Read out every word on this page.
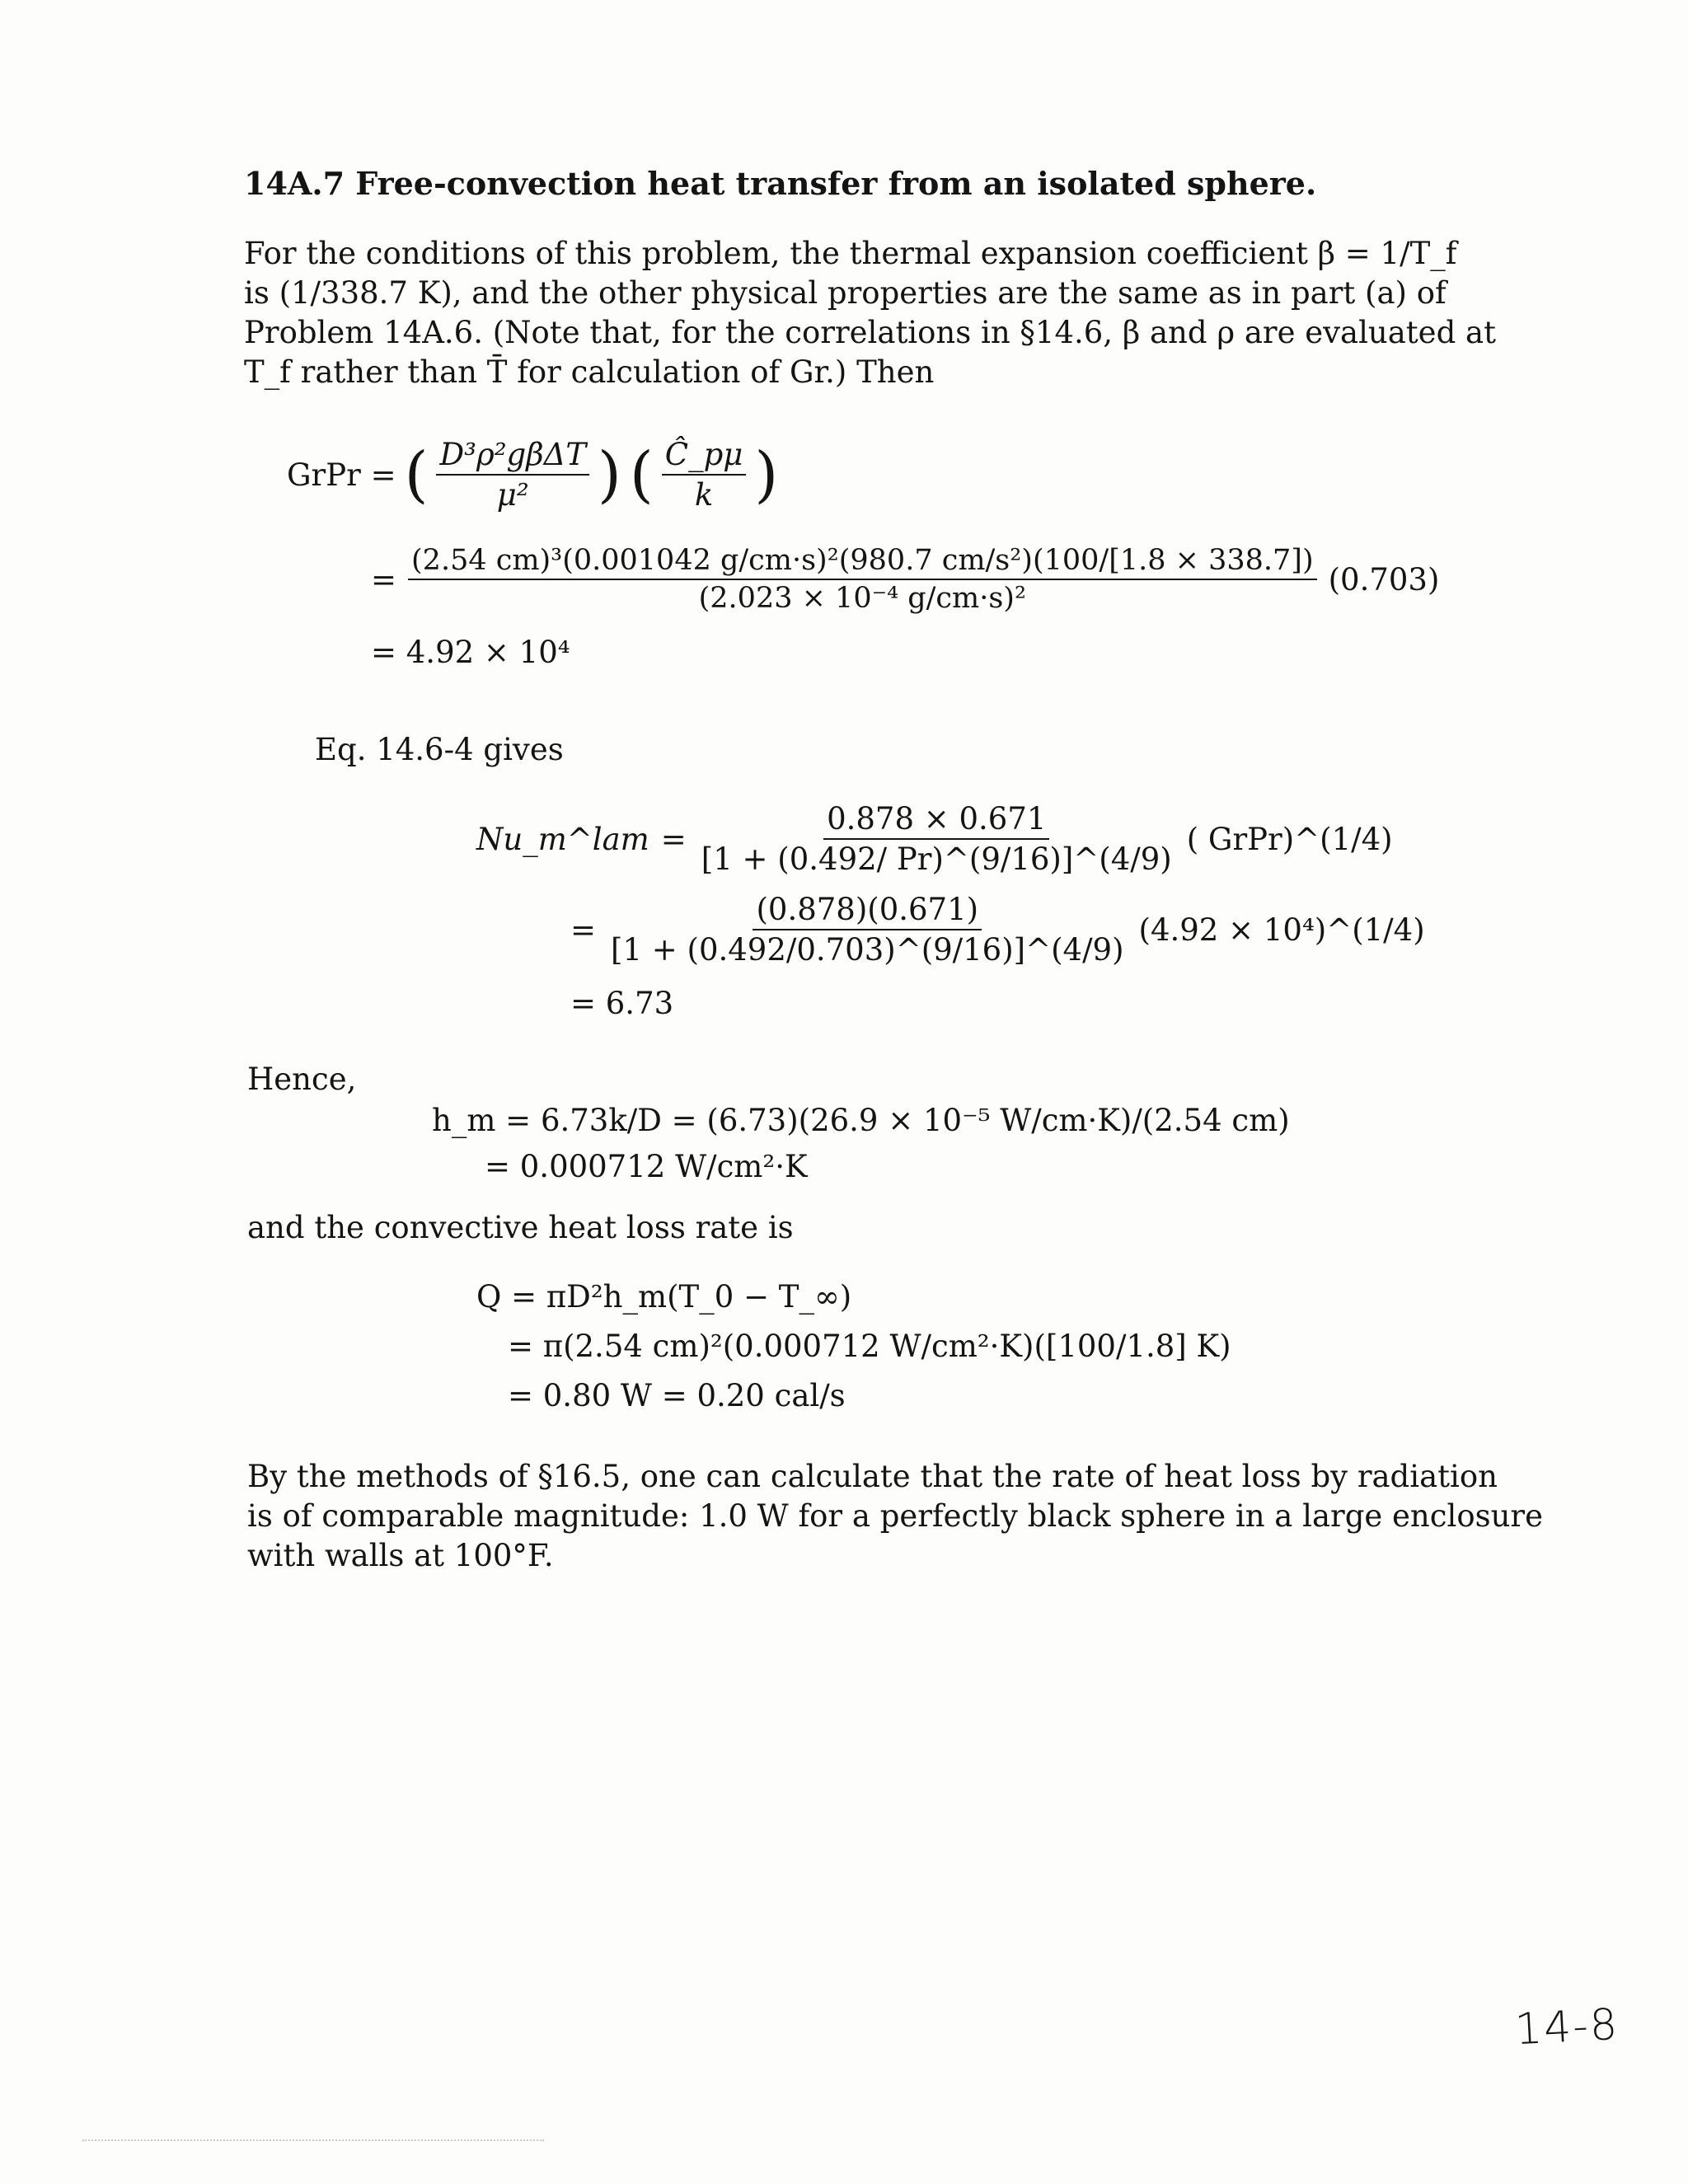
14A.7 Free-convection heat transfer from an isolated sphere.
For the conditions of this problem, the thermal expansion coefficient β = 1/T_f
is (1/338.7 K), and the other physical properties are the same as in part (a) of
Problem 14A.6. (Note that, for the correlations in §14.6, β and ρ are evaluated at
T_f rather than T̄ for calculation of Gr.) Then
GrPr = ( $\frac{\text{D³ρ²gβΔT}}{\text{μ²}}$ ) ( $\frac{Ĉ\_p\mu}{k}$ )
= $\frac{\text{(2.54 cm)³(0.001042 g/cm·s)²(980.7 cm/s²)(100/[1.8 × 338.7])}}{\text{(2.023 × 10⁻⁴ g/cm·s)²}} (0.703)$
= 4.92 × 10⁴
Eq. 14.6-4 gives
Nu_m^lam = $\frac{0.878 \times 0.671}{[1 + (0.492/ Pr)\^{}(9/16)]\^{}(4/9)}$ ( GrPr)^(1/4)
= $\frac{(0.878)(0.671)}{[1 + (0.492/0.703)\^{}(9/16)]\^{}(4/9)} (4.92$ × 10⁴)^(1/4)
= 6.73
Hence,
h_m = 6.73k/D = (6.73)(26.9 × 10⁻⁵ W/cm·K)/(2.54 cm)
= 0.000712 W/cm²·K
and the convective heat loss rate is
Q = πD²h_m(T_0 − T_∞)
= π(2.54 cm)²(0.000712 W/cm²·K)([100/1.8] K)
= 0.80 W = 0.20 cal/s
By the methods of §16.5, one can calculate that the rate of heat loss by radiation
is of comparable magnitude: 1.0 W for a perfectly black sphere in a large enclosure
with walls at 100°F.
14-8
